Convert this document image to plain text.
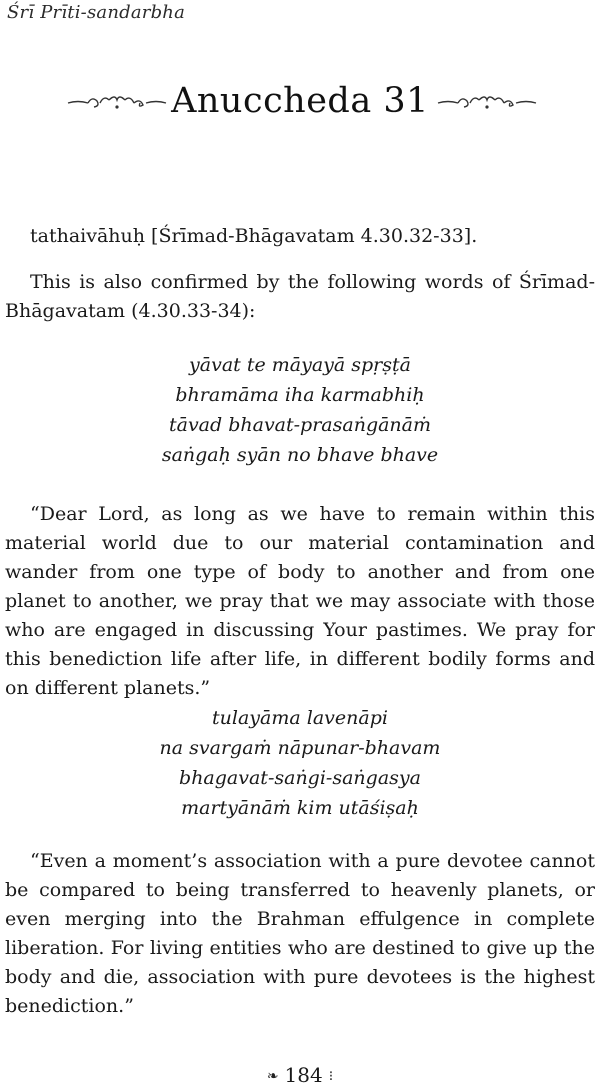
Śrī Prīti-sandarbha
Anuccheda 31
tathaivāhuḥ [Śrīmad-Bhāgavatam 4.30.32-33].
This is also confirmed by the following words of Śrīmad-Bhāgavatam (4.30.33-34):
yāvat te māyayā spṛṣṭā
bhramāma iha karmabhiḥ
tāvad bhavat-prasaṅgānāṁ
saṅgaḥ syān no bhave bhave
“Dear Lord, as long as we have to remain within this material world due to our material contamination and wander from one type of body to another and from one planet to another, we pray that we may associate with those who are engaged in discussing Your pastimes. We pray for this benediction life after life, in different bodily forms and on different planets.”
tulayāma lavenāpi
na svargaṁ nāpunar-bhavam
bhagavat-saṅgi-saṅgasya
martyānāṁ kim utāśiṣaḥ
“Even a moment’s association with a pure devotee cannot be compared to being transferred to heavenly planets, or even merging into the Brahman effulgence in complete liberation. For living entities who are destined to give up the body and die, association with pure devotees is the highest benediction.”
❧ 184 ⁝
